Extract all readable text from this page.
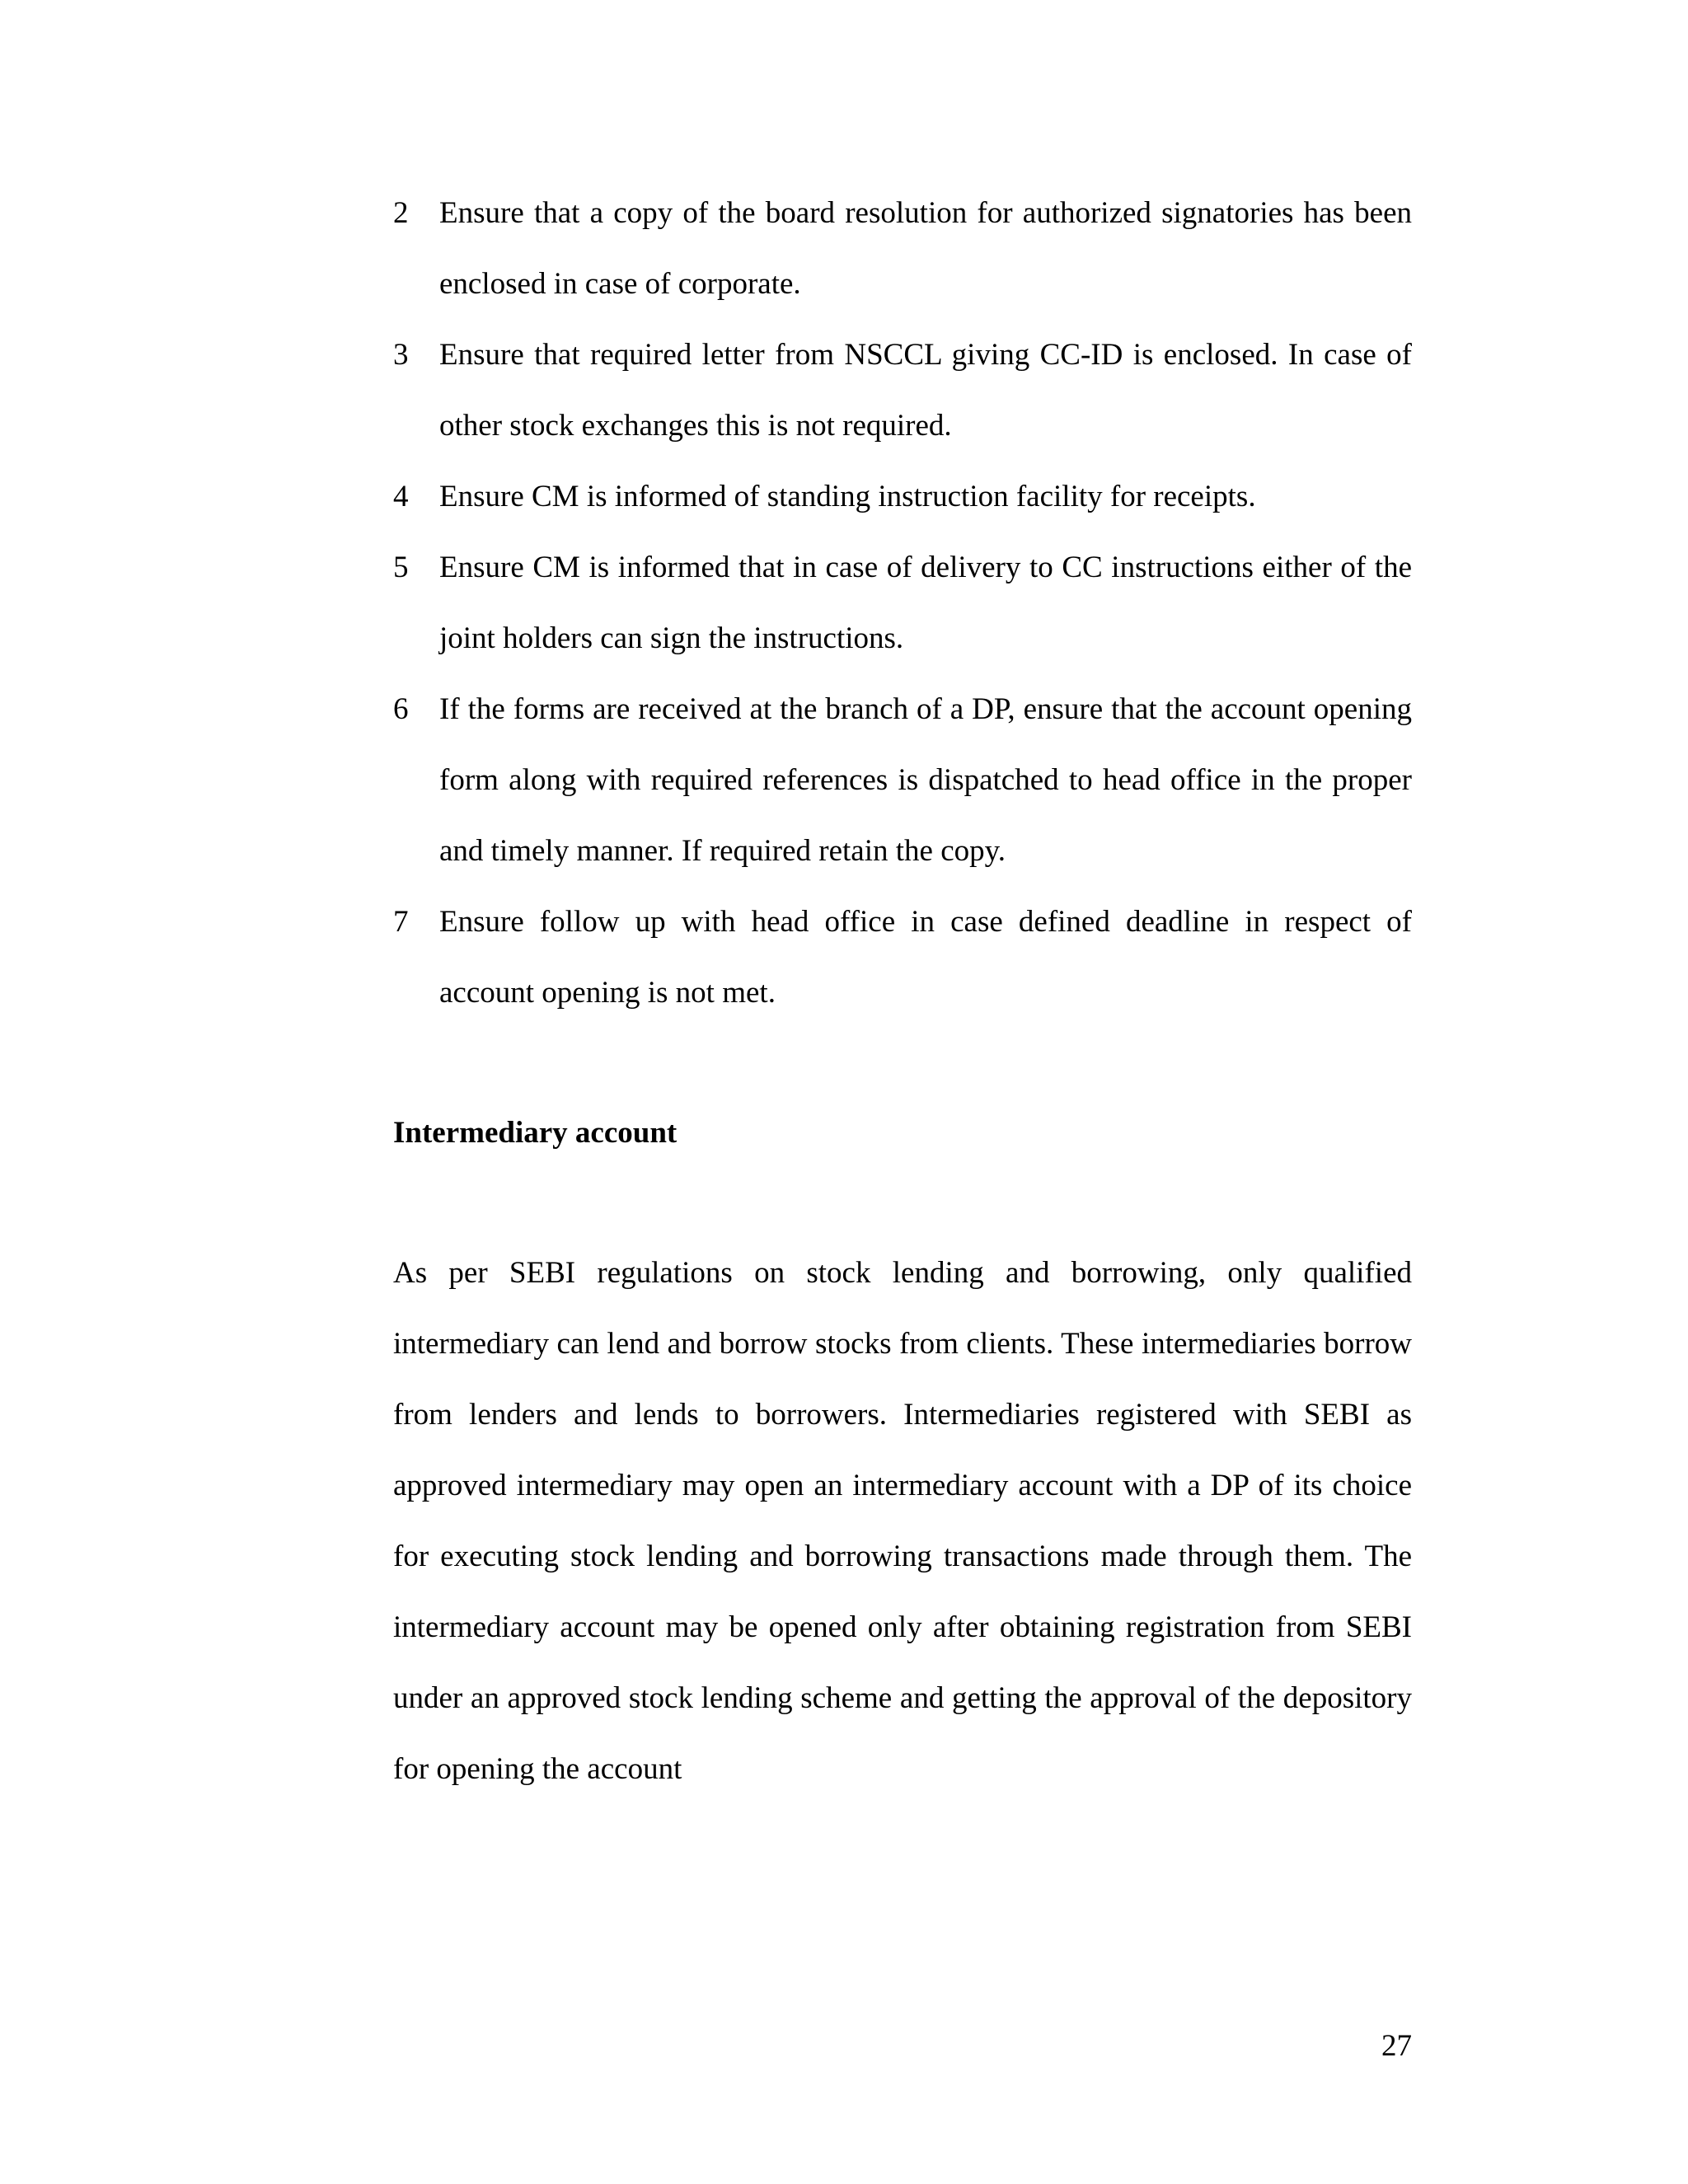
2	Ensure that a copy of the board resolution for authorized signatories has been enclosed in case of corporate.
3	Ensure that required letter from NSCCL giving CC-ID is enclosed. In case of other stock exchanges this is not required.
4	Ensure CM is informed of standing instruction facility for receipts.
5	Ensure CM is informed that in case of delivery to CC instructions either of the joint holders can sign the instructions.
6	If the forms are received at the branch of a DP, ensure that the account opening form along with required references is dispatched to head office in the proper and timely manner. If required retain the copy.
7	Ensure follow up with head office in case defined deadline in respect of account opening is not met.
Intermediary account

As per SEBI regulations on stock lending and borrowing, only qualified intermediary can lend and borrow stocks from clients. These intermediaries borrow from lenders and lends to borrowers. Intermediaries registered with SEBI as approved intermediary may open an intermediary account with a DP of its choice for executing stock lending and borrowing transactions made through them. The intermediary account may be opened only after obtaining registration from SEBI under an approved stock lending scheme and getting the approval of the depository for opening the account

27
